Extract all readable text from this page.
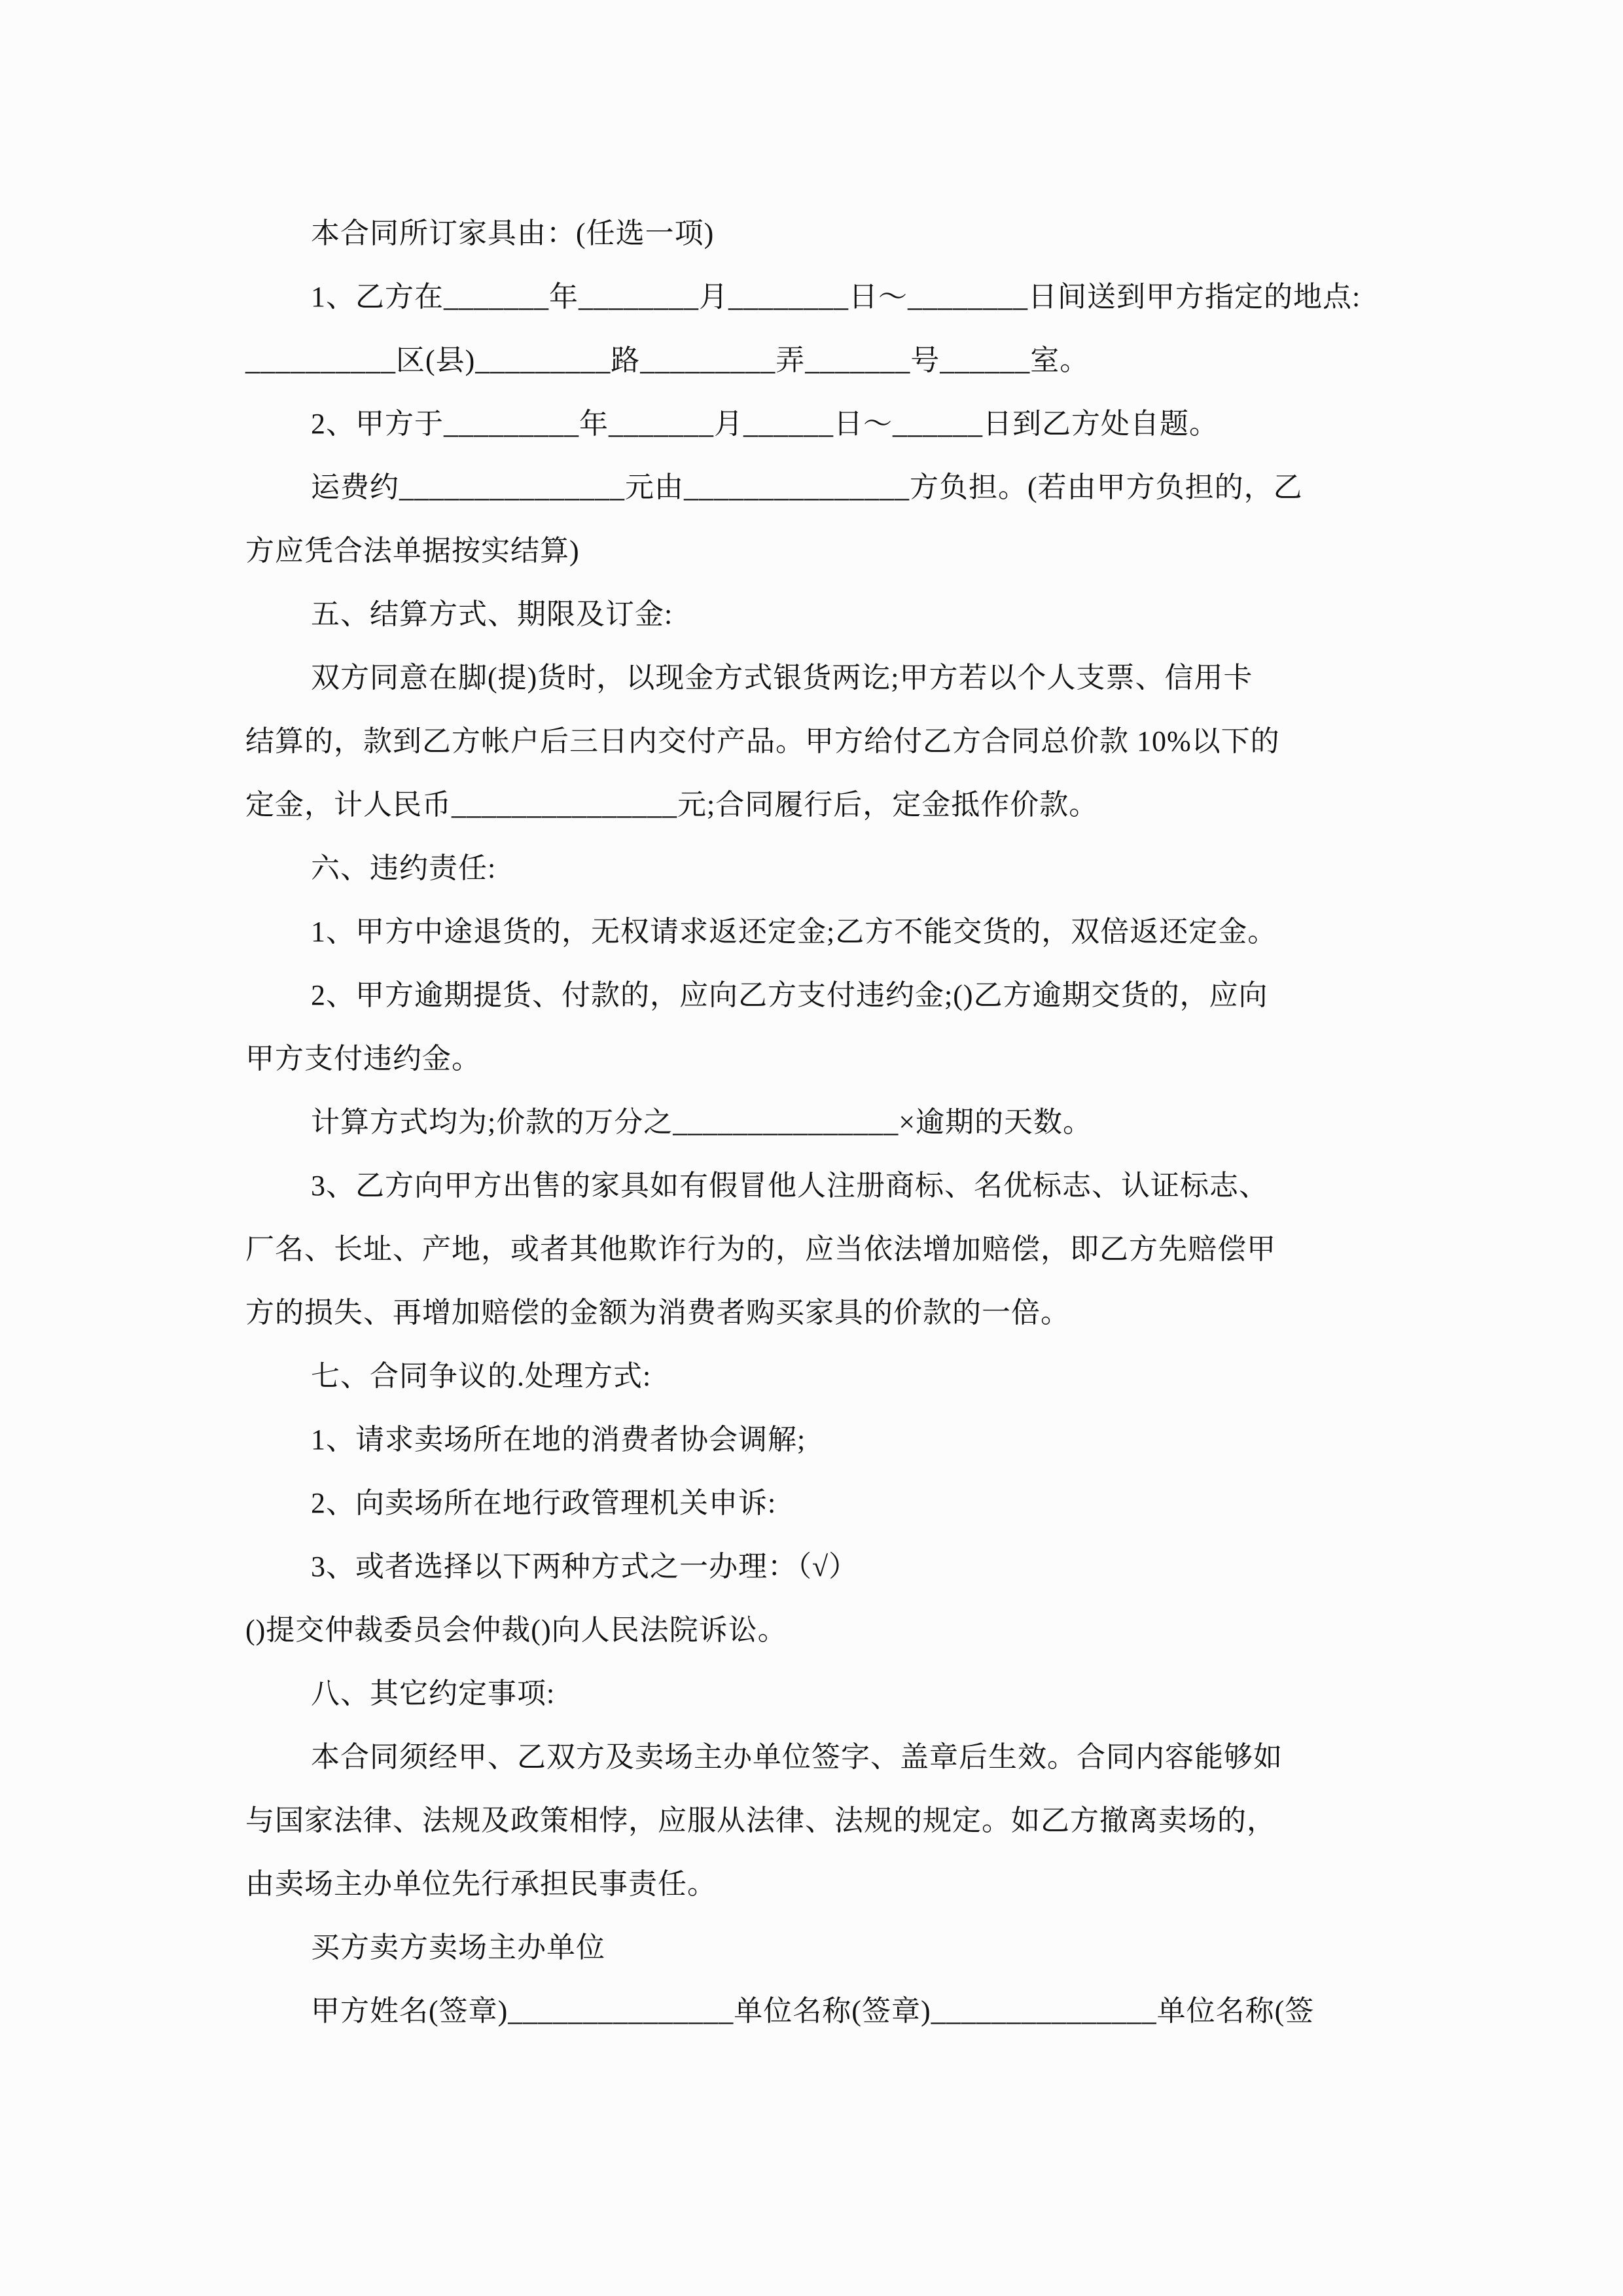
本合同所订家具由：(任选一项)
1、乙方在_______年________月________日～________日间送到甲方指定的地点:
__________区(县)_________路_________弄_______号______室。
2、甲方于_________年_______月______日～______日到乙方处自题。
运费约_______________元由_______________方负担。(若由甲方负担的，乙
方应凭合法单据按实结算)
五、结算方式、期限及订金:
双方同意在脚(提)货时，以现金方式银货两讫;甲方若以个人支票、信用卡
结算的，款到乙方帐户后三日内交付产品。甲方给付乙方合同总价款 10%以下的
定金，计人民币_______________元;合同履行后，定金抵作价款。
六、违约责任:
1、甲方中途退货的，无权请求返还定金;乙方不能交货的，双倍返还定金。
2、甲方逾期提货、付款的，应向乙方支付违约金;()乙方逾期交货的，应向
甲方支付违约金。
计算方式均为;价款的万分之_______________×逾期的天数。
3、乙方向甲方出售的家具如有假冒他人注册商标、名优标志、认证标志、
厂名、长址、产地，或者其他欺诈行为的，应当依法增加赔偿，即乙方先赔偿甲
方的损失、再增加赔偿的金额为消费者购买家具的价款的一倍。
七、合同争议的.处理方式:
1、请求卖场所在地的消费者协会调解;
2、向卖场所在地行政管理机关申诉:
3、或者选择以下两种方式之一办理：（√）
()提交仲裁委员会仲裁()向人民法院诉讼。
八、其它约定事项:
本合同须经甲、乙双方及卖场主办单位签字、盖章后生效。合同内容能够如
与国家法律、法规及政策相悖，应服从法律、法规的规定。如乙方撤离卖场的，
由卖场主办单位先行承担民事责任。
买方卖方卖场主办单位
甲方姓名(签章)_______________单位名称(签章)_______________单位名称(签
